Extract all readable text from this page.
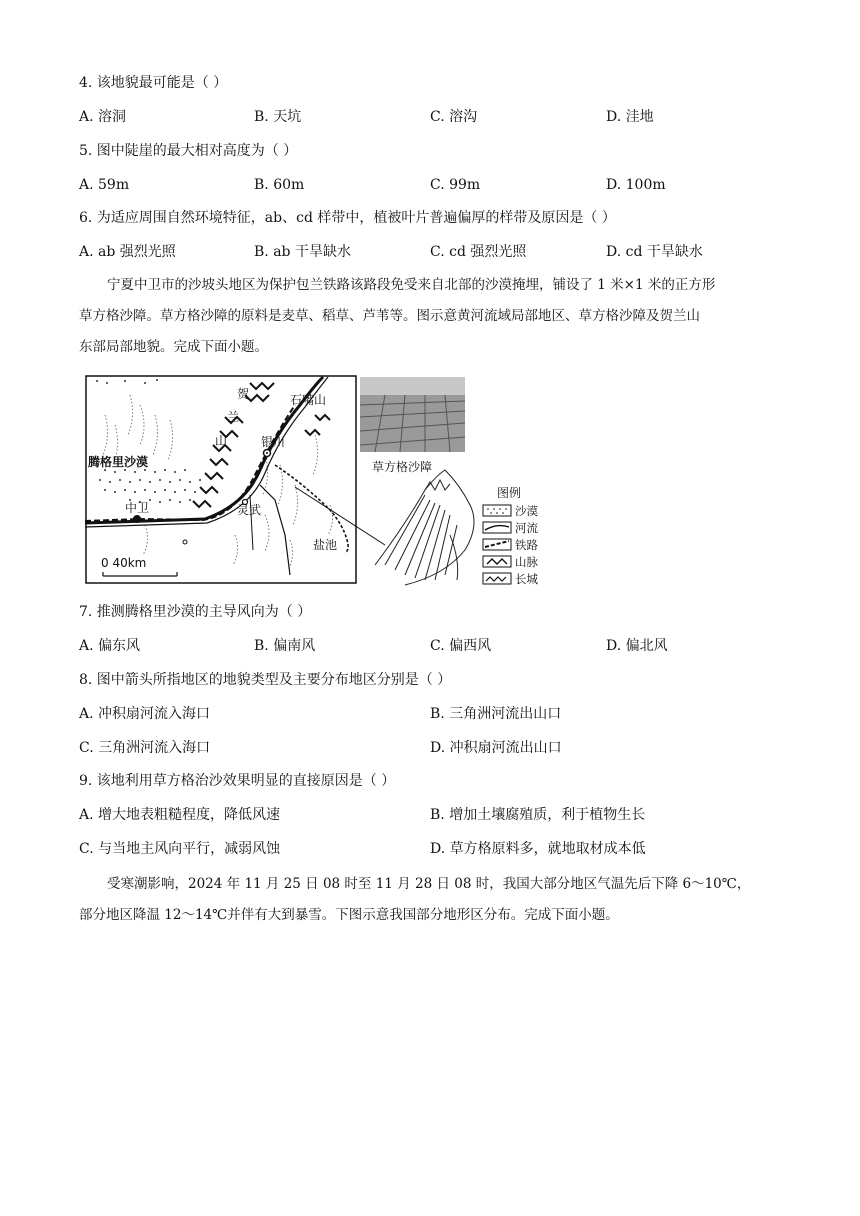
4. 该地貌最可能是（ ）
A. 溶洞	B. 天坑	C. 溶沟	D. 洼地
5. 图中陡崖的最大相对高度为（ ）
A. 59m	B. 60m	C. 99m	D. 100m
6. 为适应周围自然环境特征，ab、cd 样带中，植被叶片普遍偏厚的样带及原因是（ ）
A. ab 强烈光照	B. ab 干旱缺水	C. cd 强烈光照	D. cd 干旱缺水
宁夏中卫市的沙坡头地区为保护包兰铁路该路段免受来自北部的沙漠掩埋，铺设了 1 米×1 米的正方形
草方格沙障。草方格沙障的原料是麦草、稻草、芦苇等。图示意黄河流域局部地区、草方格沙障及贺兰山
东部局部地貌。完成下面小题。
石嘴山
贺
兰
山	银川
腾格里沙漠
中卫	灵武
盐池
0 40km
草方格沙障
图例
沙漠
河流
铁路
山脉
长城
7. 推测腾格里沙漠的主导风向为（ ）
A. 偏东风	B. 偏南风	C. 偏西风	D. 偏北风
8. 图中箭头所指地区的地貌类型及主要分布地区分别是（ ）
A. 冲积扇河流入海口	B. 三角洲河流出山口
C. 三角洲河流入海口	D. 冲积扇河流出山口
9. 该地利用草方格治沙效果明显的直接原因是（ ）
A. 增大地表粗糙程度，降低风速	B. 增加土壤腐殖质，利于植物生长
C. 与当地主风向平行，减弱风蚀	D. 草方格原料多，就地取材成本低
受寒潮影响，2024 年 11 月 25 日 08 时至 11 月 28 日 08 时，我国大部分地区气温先后下降 6～10℃，
部分地区降温 12～14℃并伴有大到暴雪。下图示意我国部分地形区分布。完成下面小题。
